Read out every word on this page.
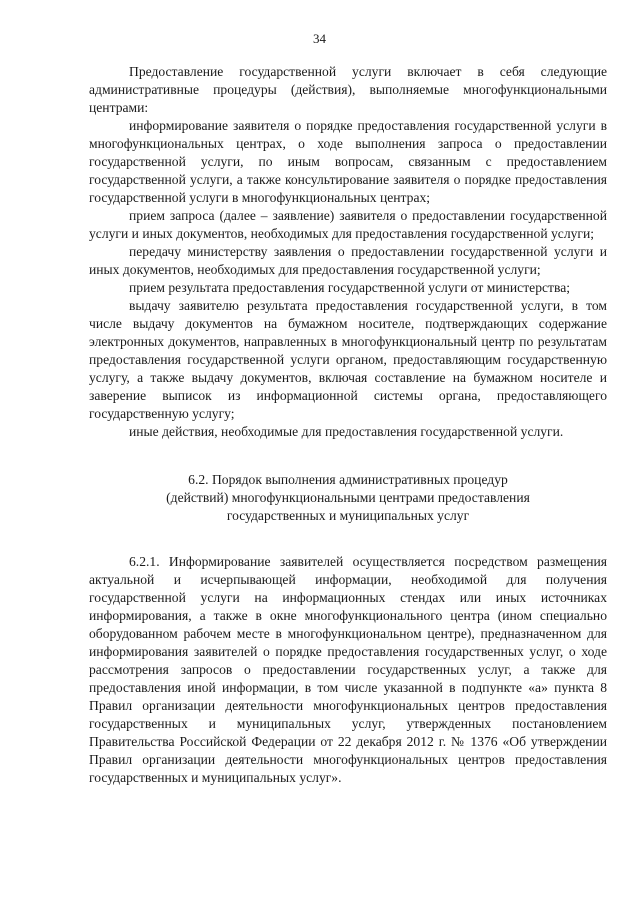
34

Предоставление государственной услуги включает в себя следующие административные процедуры (действия), выполняемые многофункциональными центрами:

информирование заявителя о порядке предоставления государственной услуги в многофункциональных центрах, о ходе выполнения запроса о предоставлении государственной услуги, по иным вопросам, связанным с предоставлением государственной услуги, а также консультирование заявителя о порядке предоставления государственной услуги в многофункциональных центрах;

прием запроса (далее – заявление) заявителя о предоставлении государственной услуги и иных документов, необходимых для предоставления государственной услуги;

передачу министерству заявления о предоставлении государственной услуги и иных документов, необходимых для предоставления государственной услуги;

прием результата предоставления государственной услуги от министерства;

выдачу заявителю результата предоставления государственной услуги, в том числе выдачу документов на бумажном носителе, подтверждающих содержание электронных документов, направленных в многофункциональный центр по результатам предоставления государственной услуги органом, предоставляющим государственную услугу, а также выдачу документов, включая составление на бумажном носителе и заверение выписок из информационной системы органа, предоставляющего государственную услугу;

иные действия, необходимые для предоставления государственной услуги.

6.2. Порядок выполнения административных процедур
(действий) многофункциональными центрами предоставления
государственных и муниципальных услуг

6.2.1. Информирование заявителей осуществляется посредством размещения актуальной и исчерпывающей информации, необходимой для получения государственной услуги на информационных стендах или иных источниках информирования, а также в окне многофункционального центра (ином специально оборудованном рабочем месте в многофункциональном центре), предназначенном для информирования заявителей о порядке предоставления государственных услуг, о ходе рассмотрения запросов о предоставлении государственных услуг, а также для предоставления иной информации, в том числе указанной в подпункте «а» пункта 8 Правил организации деятельности многофункциональных центров предоставления государственных и муниципальных услуг, утвержденных постановлением Правительства Российской Федерации от 22 декабря 2012 г. № 1376 «Об утверждении Правил организации деятельности многофункциональных центров предоставления государственных и муниципальных услуг».
